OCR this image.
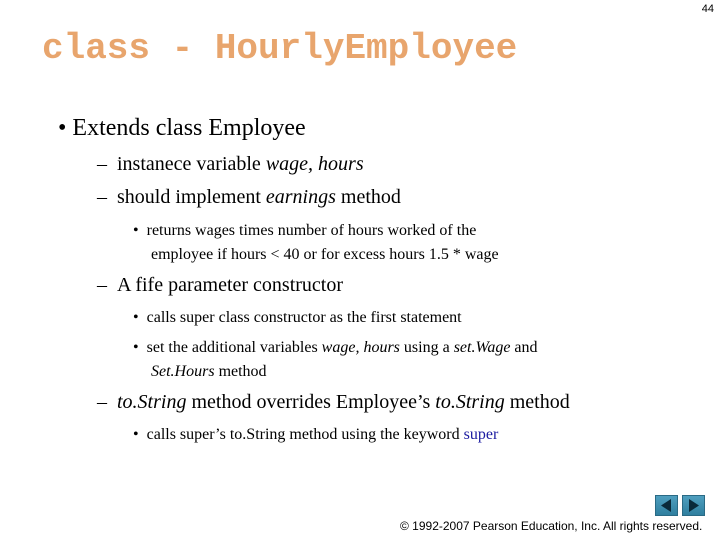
44
class - HourlyEmployee
• Extends class Employee
– instanece variable wage, hours
– should implement earnings method
• returns wages times number of hours worked of the
employee if hours < 40 or for excess hours 1.5 * wage
– A fife parameter constructor
• calls super class constructor as the first statement
• set the additional variables wage, hours using a set.Wage and
Set.Hours method
– to.String method overrides Employee’s to.String method
• calls super’s to.String method using the keyword super
© 1992-2007 Pearson Education, Inc. All rights reserved.
